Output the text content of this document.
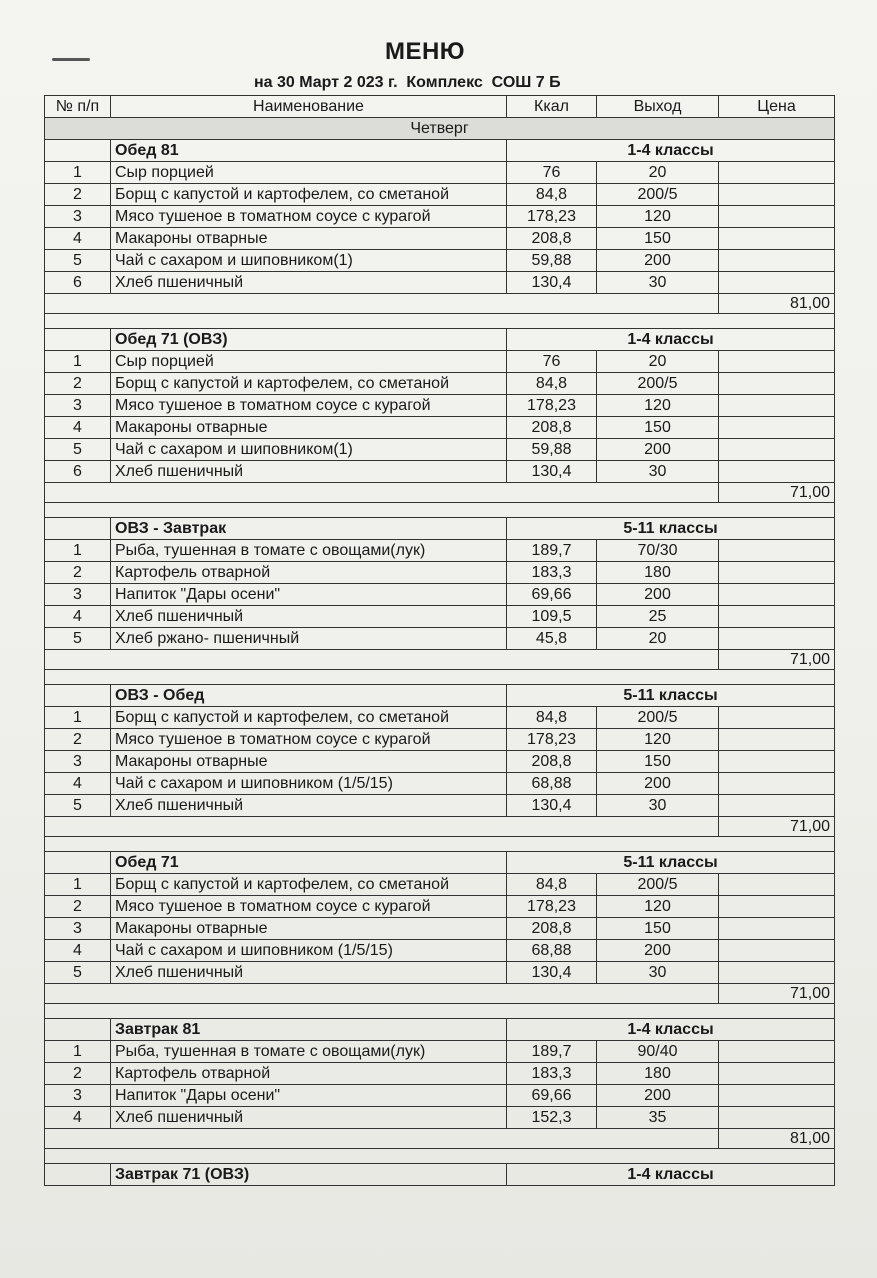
МЕНЮ
на 30 Март 2 023 г.  Комплекс  СОШ 7 Б
№ п/п	Наименование	Ккал	Выход	Цена
Четверг				
	Обед 81	1-4 классы		
1	Сыр порцией	76	20	
2	Борщ с капустой и картофелем, со сметаной	84,8	200/5	
3	Мясо тушеное в томатном соусе с курагой	178,23	120	
4	Макароны отварные	208,8	150	
5	Чай с сахаром и шиповником(1)	59,88	200	
6	Хлеб пшеничный	130,4	30	
				81,00

	Обед 71 (ОВЗ)	1-4 классы		
1	Сыр порцией	76	20	
2	Борщ с капустой и картофелем, со сметаной	84,8	200/5	
3	Мясо тушеное в томатном соусе с курагой	178,23	120	
4	Макароны отварные	208,8	150	
5	Чай с сахаром и шиповником(1)	59,88	200	
6	Хлеб пшеничный	130,4	30	
				71,00

	ОВЗ - Завтрак	5-11 классы		
1	Рыба, тушенная в томате с овощами(лук)	189,7	70/30	
2	Картофель отварной	183,3	180	
3	Напиток "Дары осени"	69,66	200	
4	Хлеб пшеничный	109,5	25	
5	Хлеб ржано- пшеничный	45,8	20	
				71,00

	ОВЗ - Обед	5-11 классы		
1	Борщ с капустой и картофелем, со сметаной	84,8	200/5	
2	Мясо тушеное в томатном соусе с курагой	178,23	120	
3	Макароны отварные	208,8	150	
4	Чай с сахаром и шиповником (1/5/15)	68,88	200	
5	Хлеб пшеничный	130,4	30	
				71,00

	Обед 71	5-11 классы		
1	Борщ с капустой и картофелем, со сметаной	84,8	200/5	
2	Мясо тушеное в томатном соусе с курагой	178,23	120	
3	Макароны отварные	208,8	150	
4	Чай с сахаром и шиповником (1/5/15)	68,88	200	
5	Хлеб пшеничный	130,4	30	
				71,00

	Завтрак 81	1-4 классы		
1	Рыба, тушенная в томате с овощами(лук)	189,7	90/40	
2	Картофель отварной	183,3	180	
3	Напиток "Дары осени"	69,66	200	
4	Хлеб пшеничный	152,3	35	
				81,00

	Завтрак 71 (ОВЗ)	1-4 классы		
